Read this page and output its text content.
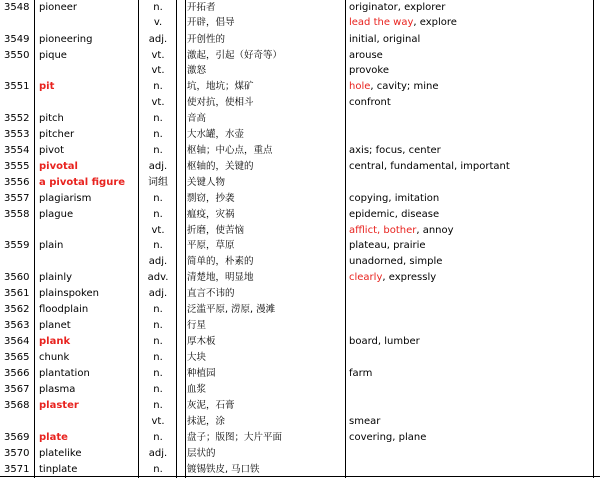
3548 pioneer	n.	开拓者	originator, explorer
v.	开辟，倡导	lead the way , explore
3549 pioneering	adj.	开创性的	initial, original
3550 pique	vt.	激起，引起（好奇等）	arouse
vt.	激怒	provoke
3551 pit	n.	坑，地坑；煤矿	hole , cavity; mine
vt.	使对抗，使相斗	confront
3552 pitch	n.	音高
3553 pitcher	n.	大水罐，水壶
3554 pivot	n.	枢轴；中心点，重点	axis; focus, center
3555 pivotal	adj.	枢轴的，关键的	central, fundamental, important
3556 a pivotal figure	词组	关键人物
3557 plagiarism	n.	剽窃，抄袭	copying, imitation
3558 plague	n.	瘟疫，灾祸	epidemic, disease
vt.	折磨，使苦恼	afflict, bother , annoy
3559 plain	n.	平原，草原	plateau, prairie
adj.	简单的，朴素的	unadorned, simple
3560 plainly	adv.	清楚地，明显地	clearly , expressly
3561 plainspoken	adj.	直言不讳的
3562 floodplain	n.	泛滥平原, 涝原, 漫滩
3563 planet	n.	行星
3564 plank	n.	厚木板	board, lumber
3565 chunk	n.	大块
3566 plantation	n.	种植园	farm
3567 plasma	n.	血浆
3568 plaster	n.	灰泥，石膏
vt.	抹泥，涂	smear
3569 plate	n.	盘子；版图；大片平面	covering, plane
3570 platelike	adj.	层状的
3571 tinplate	n.	镀锡铁皮, 马口铁
